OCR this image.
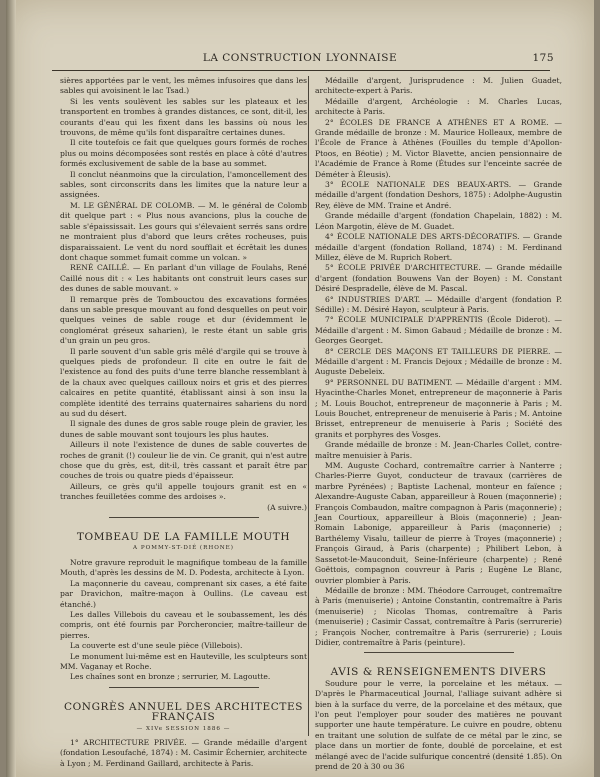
LA CONSTRUCTION LYONNAISE	175

sières apportées par le vent, les mêmes infusoires que dans les sables qui avoisinent le lac Tsad.)

Si les vents soulèvent les sables sur les plateaux et les transportent en trombes à grandes distances, ce sont, dit-il, les courants d'eau qui les fixent dans les bassins où nous les trouvons, de même qu'ils font disparaître certaines dunes.

Il cite toutefois ce fait que quelques gours formés de roches plus ou moins décomposées sont restés en place à côté d'autres formés exclusivement de sable de la base au sommet.

Il conclut néanmoins que la circulation, l'amoncellement des sables, sont circonscrits dans les limites que la nature leur a assignées.

M. LE GÉNÉRAL DE COLOMB. — M. le général de Colomb dit quelque part : « Plus nous avancions, plus la couche de sable s'épaississait. Les gours qui s'élevaient serrés sans ordre ne montraient plus d'abord que leurs crêtes rocheuses, puis disparaissaient. Le vent du nord soufflait et écrêtait les dunes dont chaque sommet fumait comme un volcan. »

RENÉ CAILLÉ. — En parlant d'un village de Foulahs, René Caillé nous dit : « Les habitants ont construit leurs cases sur des dunes de sable mouvant. »

Il remarque près de Tombouctou des excavations formées dans un sable presque mouvant au fond desquelles on peut voir quelques veines de sable rouge et dur (évidemment le conglomérat gréseux saharien), le reste étant un sable gris d'un grain un peu gros.

Il parle souvent d'un sable gris mêlé d'argile qui se trouve à quelques pieds de profondeur. Il cite en outre le fait de l'existence au fond des puits d'une terre blanche ressemblant à de la chaux avec quelques cailloux noirs et gris et des pierres calcaires en petite quantité, établissant ainsi à son insu la complète identité des terrains quaternaires sahariens du nord au sud du désert.

Il signale des dunes de gros sable rouge plein de gravier, les dunes de sable mouvant sont toujours les plus hautes.

Ailleurs il note l'existence de dunes de sable couvertes de roches de granit (!) couleur lie de vin. Ce granit, qui n'est autre chose que du grès, est, dit-il, très cassant et paraît être par couches de trois ou quatre pieds d'épaisseur.

Ailleurs, ce grès qu'il appelle toujours granit est en « tranches feuilletées comme des ardoises ».

(A suivre.)

TOMBEAU DE LA FAMILLE MOUTH
A POMMY-ST-DIÉ (RHONE)

Notre gravure reproduit le magnifique tombeau de la famille Mouth, d'après les dessins de M. D. Podesta, architecte à Lyon.

La maçonnerie du caveau, comprenant six cases, a été faite par Dravichon, maître-maçon à Oullins. (Le caveau est étanché.)

Les dalles Villebois du caveau et le soubassement, les dés compris, ont été fournis par Porcheroncier, maître-tailleur de pierres.

La couverte est d'une seule pièce (Villebois).

Le monument lui-même est en Hauteville, les sculpteurs sont MM. Vaganay et Roche.

Les chaînes sont en bronze ; serrurier, M. Lagoutte.

CONGRÈS ANNUEL DES ARCHITECTES FRANÇAIS
— XIVe SESSION 1886 —

1° ARCHITECTURE PRIVÉE. — Grande médaille d'argent (fondation Lesoufaché, 1874) : M. Casimir Échernier, architecte à Lyon ; M. Ferdinand Gaillard, architecte à Paris.

Médaille d'argent, Jurisprudence : M. Julien Guadet, architecte-expert à Paris.

Médaille d'argent, Archéologie : M. Charles Lucas, architecte à Paris.

2° ÉCOLES DE FRANCE A ATHÈNES ET A ROME. — Grande médaille de bronze : M. Maurice Holleaux, membre de l'École de France à Athènes (Fouilles du temple d'Apollon-Ptoos, en Béotie) ; M. Victor Blavette, ancien pensionnaire de l'Académie de France à Rome (Études sur l'enceinte sacrée de Déméter à Éleusis).

3° ÉCOLE NATIONALE DES BEAUX-ARTS. — Grande médaille d'argent (fondation Deshors, 1875) : Adolphe-Augustin Rey, élève de MM. Traine et André.

Grande médaille d'argent (fondation Chapelain, 1882) : M. Léon Margotin, élève de M. Guadet.

4° ÉCOLE NATIONALE DES ARTS-DÉCORATIFS. — Grande médaille d'argent (fondation Rolland, 1874) : M. Ferdinand Millez, élève de M. Ruprich Robert.

5° ÉCOLE PRIVÉE D'ARCHITECTURE. — Grande médaille d'argent (fondation Bouwens Van der Boyen) : M. Constant Désiré Despradelle, élève de M. Pascal.

6° INDUSTRIES D'ART. — Médaille d'argent (fondation P. Sédille) : M. Désiré Hayon, sculpteur à Paris.

7° ÉCOLE MUNICIPALE D'APPRENTIS (École Diderot). — Médaille d'argent : M. Simon Gabaud ; Médaille de bronze : M. Georges Georget.

8° CERCLE DES MAÇONS ET TAILLEURS DE PIERRE. — Médaille d'argent : M. Francis Dejoux ; Médaille de bronze : M. Auguste Debeleix.

9° PERSONNEL DU BATIMENT. — Médaille d'argent : MM. Hyacinthe-Charles Monet, entrepreneur de maçonnerie à Paris ; M. Louis Bouchot, entrepreneur de maçonnerie à Paris ; M. Louis Bouchet, entrepreneur de menuiserie à Paris ; M. Antoine Brisset, entrepreneur de menuiserie à Paris ; Société des granits et porphyres des Vosges.

Grande médaille de bronze : M. Jean-Charles Collet, contre-maître menuisier à Paris.

MM. Auguste Cochard, contremaître carrier à Nanterre ; Charles-Pierre Guyot, conducteur de travaux (carrières de marbre Pyrénées) ; Baptiste Lachenal, monteur en faïence ; Alexandre-Auguste Caban, appareilleur à Rouen (maçonnerie) ; François Combaudon, maître compagnon à Paris (maçonnerie) ; Jean Courtioux, appareilleur à Blois (maçonnerie) ; Jean-Romain Labonige, appareilleur à Paris (maçonnerie) ; Barthélemy Visalu, tailleur de pierre à Troyes (maçonnerie) ; François Giraud, à Paris (charpente) ; Philibert Lebon, à Sassetot-le-Mauconduit, Seine-Inférieure (charpente) ; René Goëttois, compagnon couvreur à Paris ; Eugène Le Blanc, ouvrier plombier à Paris.

Médaille de bronze : MM. Théodore Carrouget, contremaître à Paris (menuiserie) ; Antoine Constantin, contremaître à Paris (menuiserie) ; Nicolas Thomas, contremaître à Paris (menuiserie) ; Casimir Cassat, contremaître à Paris (serrurerie) ; François Nocher, contremaître à Paris (serrurerie) ; Louis Didier, contremaître à Paris (peinture).

AVIS & RENSEIGNEMENTS DIVERS

Soudure pour le verre, la porcelaine et les métaux. — D'après le Pharmaceutical Journal, l'alliage suivant adhère si bien à la surface du verre, de la porcelaine et des métaux, que l'on peut l'employer pour souder des matières ne pouvant supporter une haute température. Le cuivre en poudre, obtenu en traitant une solution de sulfate de ce métal par le zinc, se place dans un mortier de fonte, doublé de porcelaine, et est mélangé avec de l'acide sulfurique concentré (densité 1.85). On prend de 20 à 30 ou 36
